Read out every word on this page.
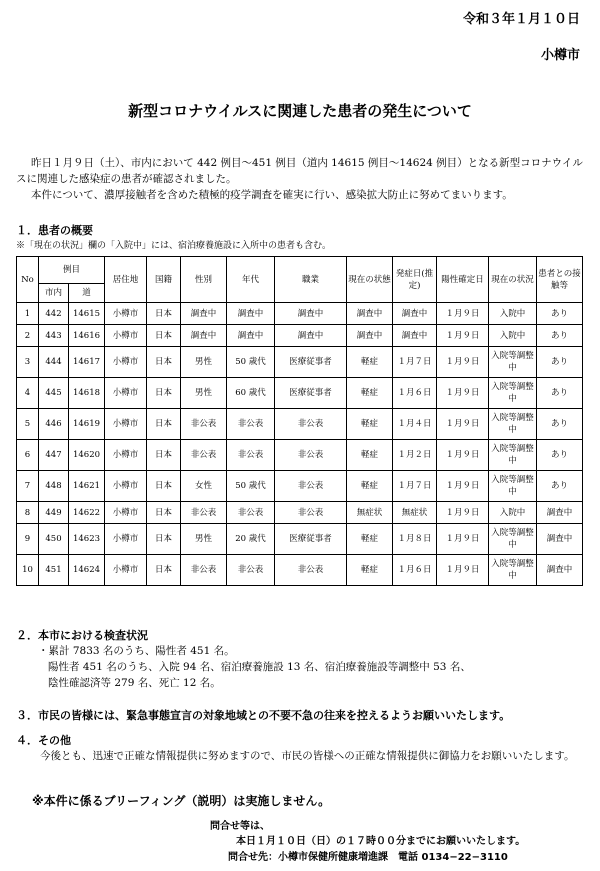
令和３年１月１０日
小樽市
新型コロナウイルスに関連した患者の発生について
昨日１月９日（土）、市内において 442 例目～451 例目（道内 14615 例目～14624 例目）となる新型コロナウイルスに関連した感染症の患者が確認されました。
本件について、濃厚接触者を含めた積極的疫学調査を確実に行い、感染拡大防止に努めてまいります。
１．患者の概要
※「現在の状況」欄の「入院中」には、宿泊療養施設に入所中の患者も含む。
No	例目		居住地	国籍	性別	年代	職業	現在の状態	発症日(推定)	陽性確定日	現在の状況	患者との接触等
	市内	道										
1	442	14615	小樽市	日本	調査中	調査中	調査中	調査中	調査中	１月９日	入院中	あり
2	443	14616	小樽市	日本	調査中	調査中	調査中	調査中	調査中	１月９日	入院中	あり
3	444	14617	小樽市	日本	男性	50 歳代	医療従事者	軽症	１月７日	１月９日	入院等調整中	あり
4	445	14618	小樽市	日本	男性	60 歳代	医療従事者	軽症	１月６日	１月９日	入院等調整中	あり
5	446	14619	小樽市	日本	非公表	非公表	非公表	軽症	１月４日	１月９日	入院等調整中	あり
6	447	14620	小樽市	日本	非公表	非公表	非公表	軽症	１月２日	１月９日	入院等調整中	あり
7	448	14621	小樽市	日本	女性	50 歳代	非公表	軽症	１月７日	１月９日	入院等調整中	あり
8	449	14622	小樽市	日本	非公表	非公表	非公表	無症状	無症状	１月９日	入院中	調査中
9	450	14623	小樽市	日本	男性	20 歳代	医療従事者	軽症	１月８日	１月９日	入院等調整中	調査中
10	451	14624	小樽市	日本	非公表	非公表	非公表	軽症	１月６日	１月９日	入院等調整中	調査中
２．本市における検査状況
・累計 7833 名のうち、陽性者 451 名。
陽性者 451 名のうち、入院 94 名、宿泊療養施設 13 名、宿泊療養施設等調整中 53 名、
陰性確認済等 279 名、死亡 12 名。
３．市民の皆様には、緊急事態宣言の対象地域との不要不急の往来を控えるようお願いいたします。
４．その他
今後とも、迅速で正確な情報提供に努めますので、市民の皆様への正確な情報提供に御協力をお願いいたします。
※本件に係るブリーフィング（説明）は実施しません。
問合せ等は、
本日１月１０日（日）の１７時００分までにお願いいたします。
問合せ先：小樽市保健所健康増進課　電話 0134−22−3110
